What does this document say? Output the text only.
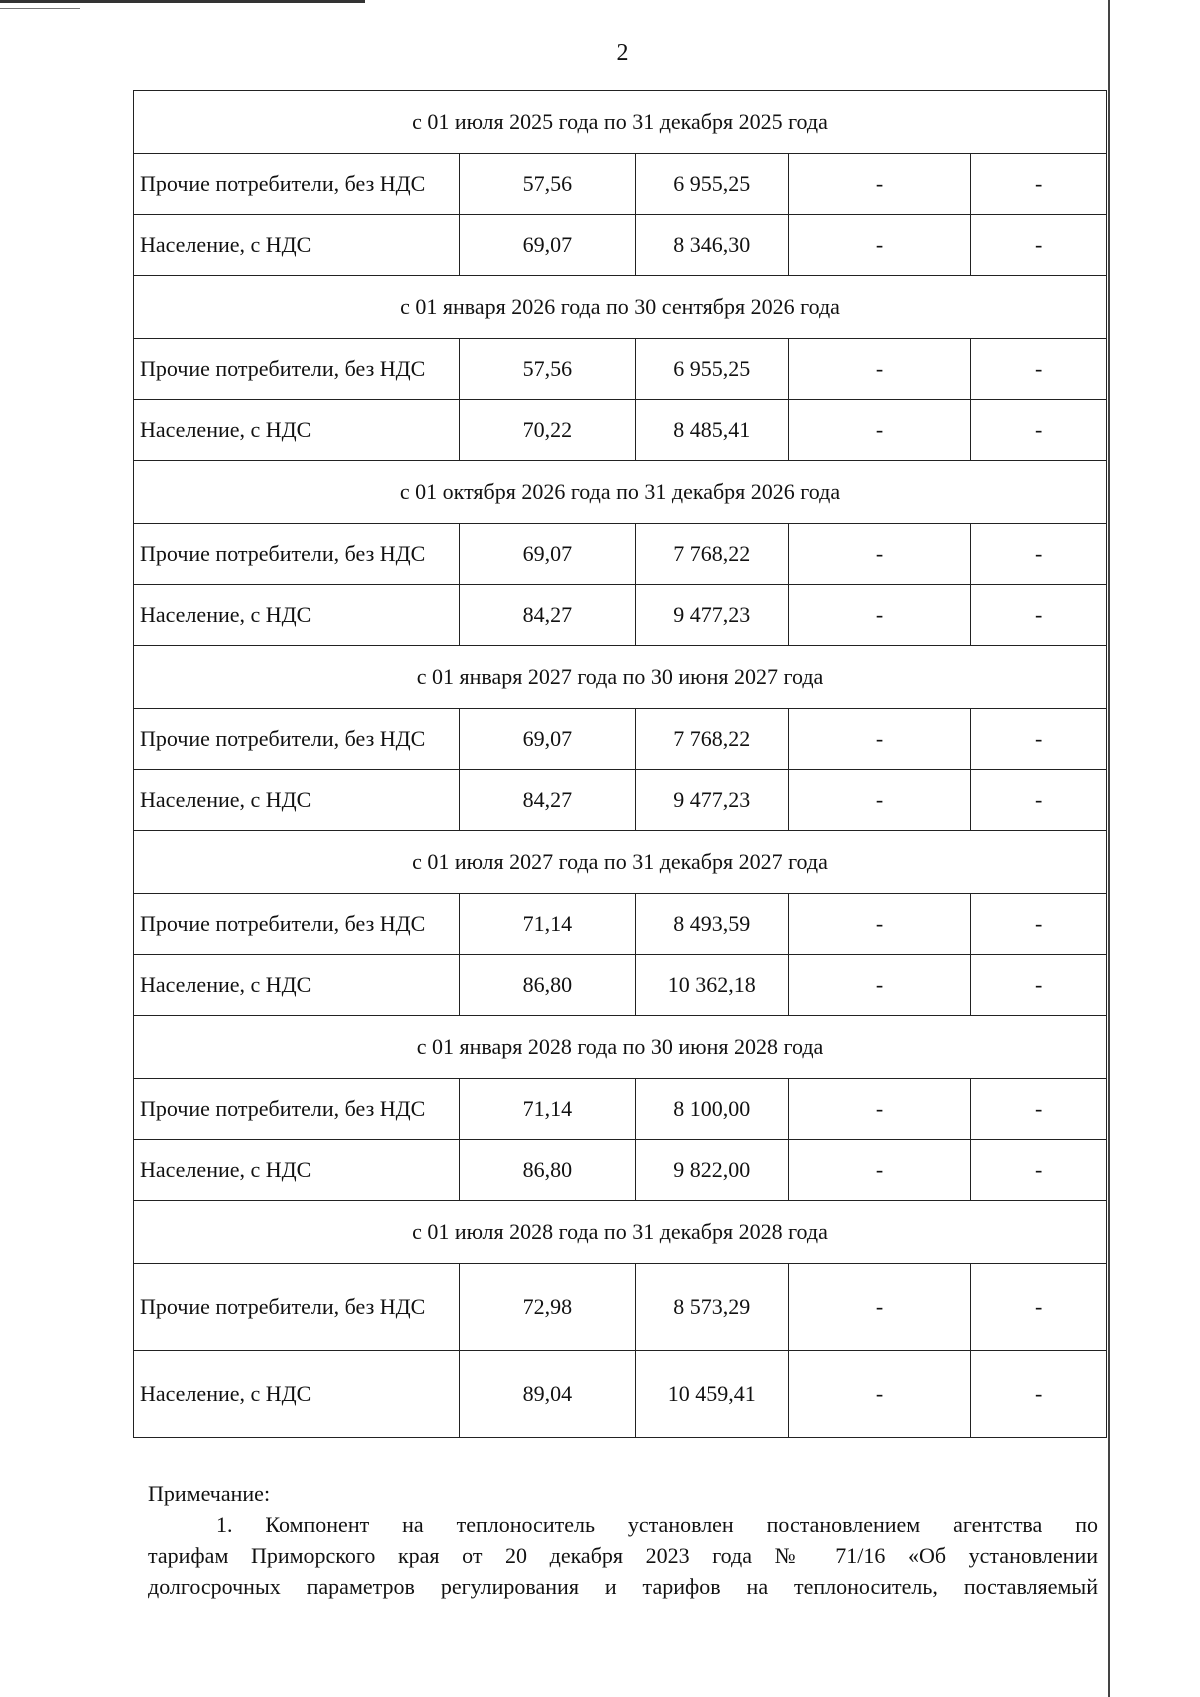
2
с 01 июля 2025 года по 31 декабря 2025 года				
Прочие потребители, без НДС	57,56	6 955,25	-	-
Население, с НДС	69,07	8 346,30	-	-
с 01 января 2026 года по 30 сентября 2026 года				
Прочие потребители, без НДС	57,56	6 955,25	-	-
Население, с НДС	70,22	8 485,41	-	-
с 01 октября 2026 года по 31 декабря 2026 года				
Прочие потребители, без НДС	69,07	7 768,22	-	-
Население, с НДС	84,27	9 477,23	-	-
с 01 января 2027 года по 30 июня 2027 года				
Прочие потребители, без НДС	69,07	7 768,22	-	-
Население, с НДС	84,27	9 477,23	-	-
с 01 июля 2027 года по 31 декабря 2027 года				
Прочие потребители, без НДС	71,14	8 493,59	-	-
Население, с НДС	86,80	10 362,18	-	-
с 01 января 2028 года по 30 июня 2028 года				
Прочие потребители, без НДС	71,14	8 100,00	-	-
Население, с НДС	86,80	9 822,00	-	-
с 01 июля 2028 года по 31 декабря 2028 года				
Прочие потребители, без НДС	72,98	8 573,29	-	-
Население, с НДС	89,04	10 459,41	-	-
Примечание:
1. Компонент на теплоноситель установлен постановлением агентства по
тарифам Приморского края от 20 декабря 2023 года № 71/16 «Об установлении
долгосрочных параметров регулирования и тарифов на теплоноситель, поставляемый
